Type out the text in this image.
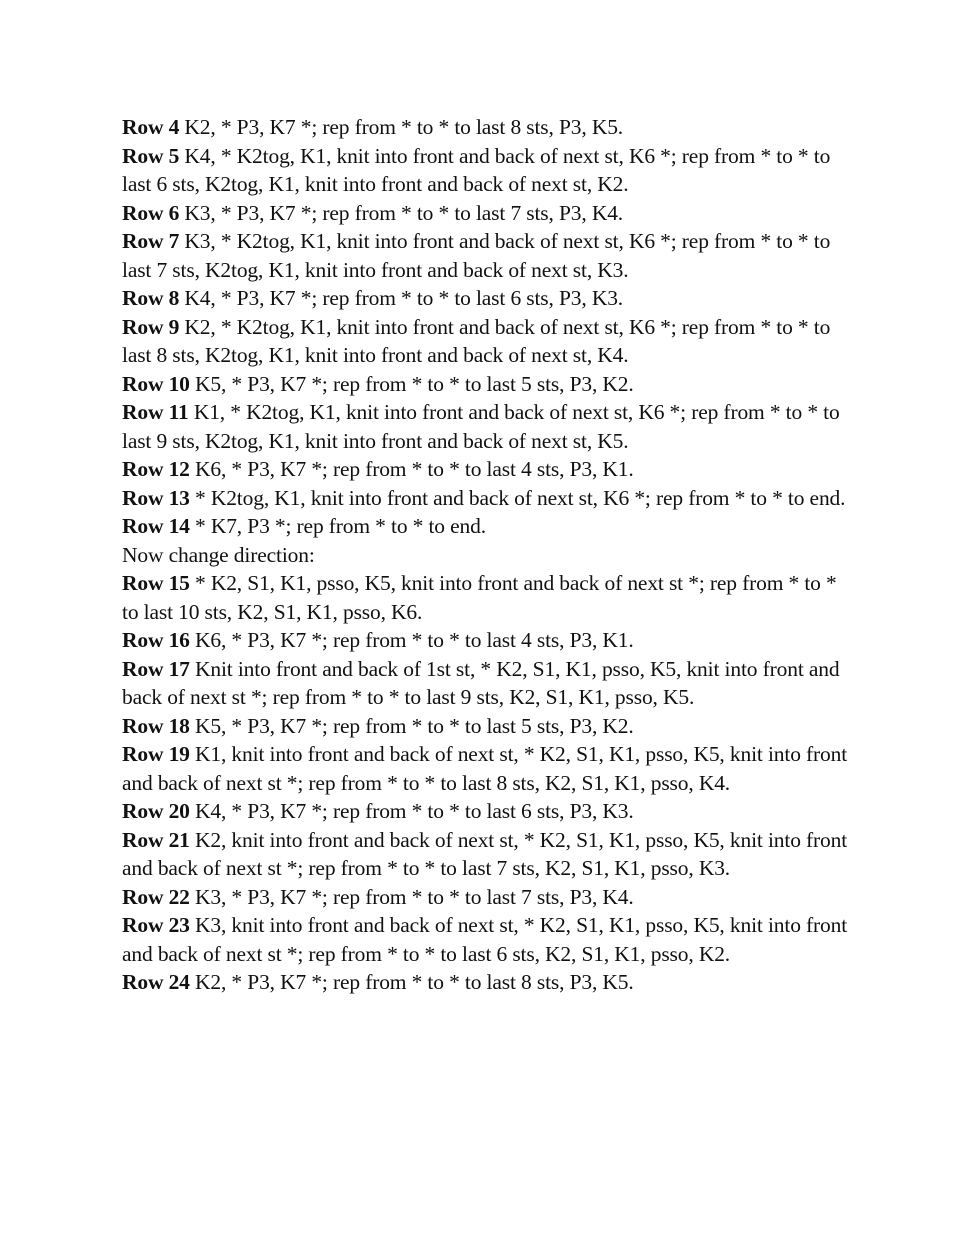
Row 4 K2, * P3, K7 *; rep from * to * to last 8 sts, P3, K5.

Row 5 K4, * K2tog, K1, knit into front and back of next st, K6 *; rep from * to * to last 6 sts, K2tog, K1, knit into front and back of next st, K2.

Row 6 K3, * P3, K7 *; rep from * to * to last 7 sts, P3, K4.

Row 7 K3, * K2tog, K1, knit into front and back of next st, K6 *; rep from * to * to last 7 sts, K2tog, K1, knit into front and back of next st, K3.

Row 8 K4, * P3, K7 *; rep from * to * to last 6 sts, P3, K3.

Row 9 K2, * K2tog, K1, knit into front and back of next st, K6 *; rep from * to * to last 8 sts, K2tog, K1, knit into front and back of next st, K4.

Row 10 K5, * P3, K7 *; rep from * to * to last 5 sts, P3, K2.

Row 11 K1, * K2tog, K1, knit into front and back of next st, K6 *; rep from * to * to last 9 sts, K2tog, K1, knit into front and back of next st, K5.

Row 12 K6, * P3, K7 *; rep from * to * to last 4 sts, P3, K1.

Row 13 * K2tog, K1, knit into front and back of next st, K6 *; rep from * to * to end.

Row 14 * K7, P3 *; rep from * to * to end.

Now change direction:

Row 15 * K2, S1, K1, psso, K5, knit into front and back of next st *; rep from * to * to last 10 sts, K2, S1, K1, psso, K6.

Row 16 K6, * P3, K7 *; rep from * to * to last 4 sts, P3, K1.

Row 17 Knit into front and back of 1st st, * K2, S1, K1, psso, K5, knit into front and back of next st *; rep from * to * to last 9 sts, K2, S1, K1, psso, K5.

Row 18 K5, * P3, K7 *; rep from * to * to last 5 sts, P3, K2.

Row 19 K1, knit into front and back of next st, * K2, S1, K1, psso, K5, knit into front and back of next st *; rep from * to * to last 8 sts, K2, S1, K1, psso, K4.

Row 20 K4, * P3, K7 *; rep from * to * to last 6 sts, P3, K3.

Row 21 K2, knit into front and back of next st, * K2, S1, K1, psso, K5, knit into front and back of next st *; rep from * to * to last 7 sts, K2, S1, K1, psso, K3.

Row 22 K3, * P3, K7 *; rep from * to * to last 7 sts, P3, K4.

Row 23 K3, knit into front and back of next st, * K2, S1, K1, psso, K5, knit into front and back of next st *; rep from * to * to last 6 sts, K2, S1, K1, psso, K2.

Row 24 K2, * P3, K7 *; rep from * to * to last 8 sts, P3, K5.
